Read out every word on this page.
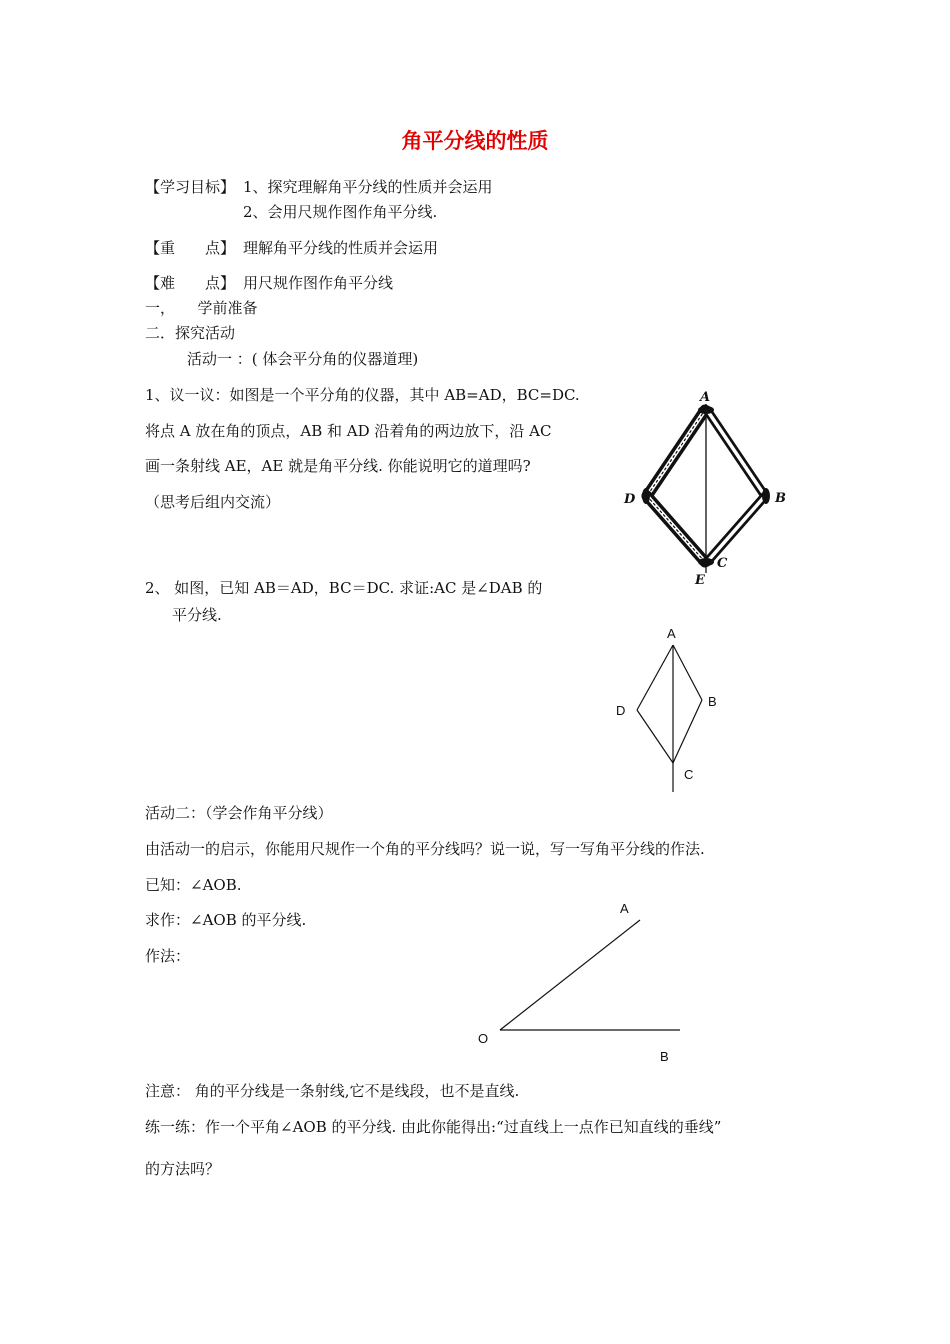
角平分线的性质
【学习目标】 1、探究理解角平分线的性质并会运用
2、会用尺规作图作角平分线.
【重　　点】 理解角平分线的性质并会运用
【难　　点】 用尺规作图作角平分线
一，　　学前准备
二．探究活动
活动一 ：( 体会平分角的仪器道理)
1、议一议：如图是一个平分角的仪器，其中 AB=AD，BC=DC.
将点 A 放在角的顶点，AB 和 AD 沿着角的两边放下，沿 AC
画一条射线 AE，AE 就是角平分线. 你能说明它的道理吗?
（思考后组内交流）
A
B
C
D
E
2、 如图，已知 AB＝AD，BC＝DC. 求证:AC 是∠DAB 的
平分线.
A
B
C
D
活动二：（学会作角平分线）
由活动一的启示，你能用尺规作一个角的平分线吗？说一说，写一写角平分线的作法.
已知：∠AOB.
求作：∠AOB 的平分线.
作法：
A
O
B
注意： 角的平分线是一条射线,它不是线段，也不是直线.
练一练：作一个平角∠AOB 的平分线. 由此你能得出:“过直线上一点作已知直线的垂线”
的方法吗？
